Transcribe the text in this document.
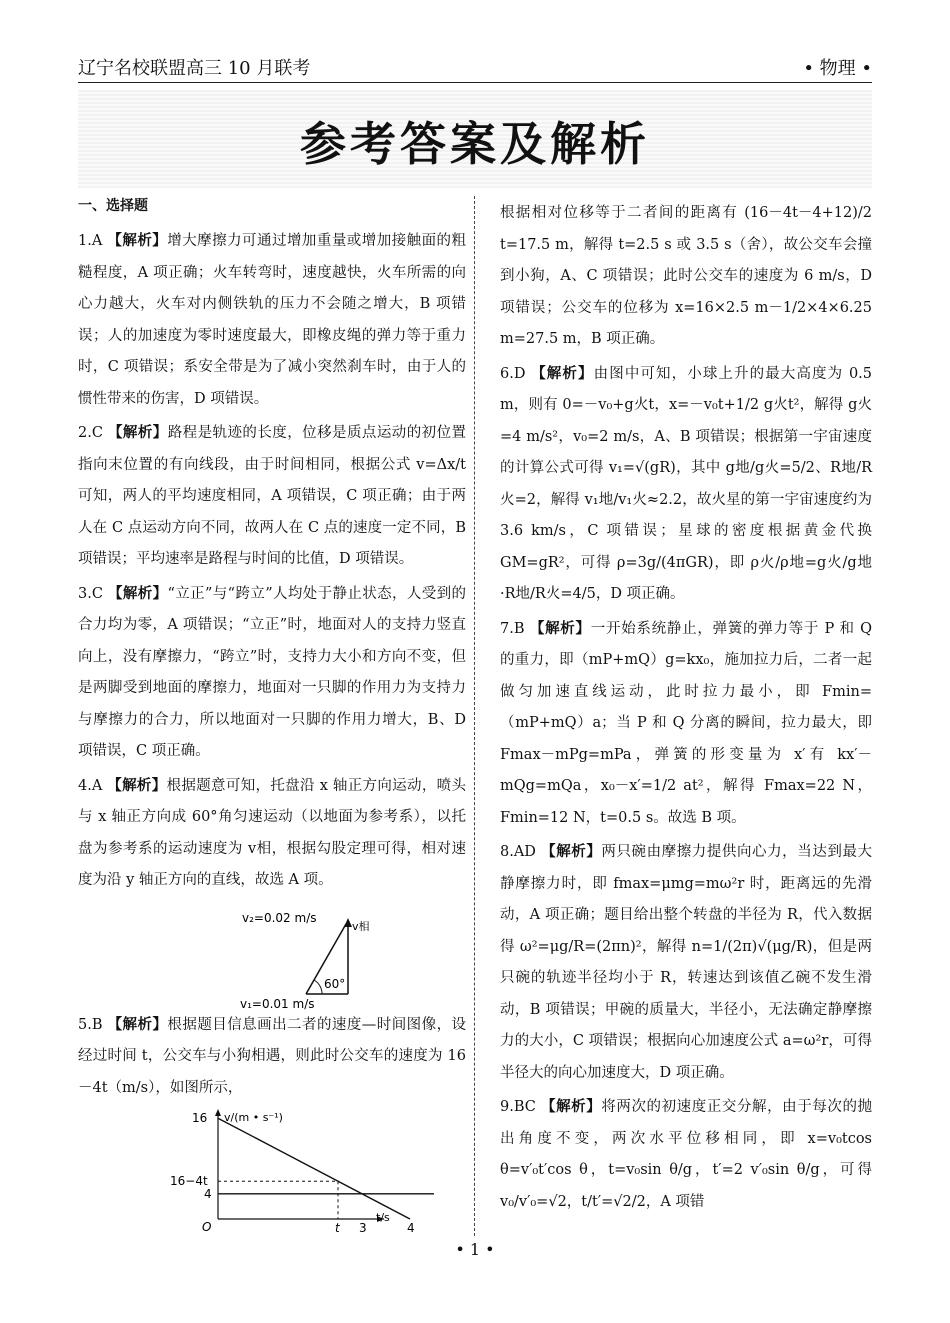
辽宁名校联盟高三 10 月联考	• 物理 •
参考答案及解析
一、选择题
1.A 【解析】增大摩擦力可通过增加重量或增加接触面的粗糙程度，A 项正确；火车转弯时，速度越快，火车所需的向心力越大，火车对内侧铁轨的压力不会随之增大，B 项错误；人的加速度为零时速度最大，即橡皮绳的弹力等于重力时，C 项错误；系安全带是为了减小突然刹车时，由于人的惯性带来的伤害，D 项错误。
2.C 【解析】路程是轨迹的长度，位移是质点运动的初位置指向末位置的有向线段，由于时间相同，根据公式 v=Δx/t 可知，两人的平均速度相同，A 项错误，C 项正确；由于两人在 C 点运动方向不同，故两人在 C 点的速度一定不同，B 项错误；平均速率是路程与时间的比值，D 项错误。
3.C 【解析】“立正”与“跨立”人均处于静止状态，人受到的合力均为零，A 项错误；“立正”时，地面对人的支持力竖直向上，没有摩擦力，“跨立”时，支持力大小和方向不变，但是两脚受到地面的摩擦力，地面对一只脚的作用力为支持力与摩擦力的合力，所以地面对一只脚的作用力增大，B、D 项错误，C 项正确。
4.A 【解析】根据题意可知，托盘沿 x 轴正方向运动，喷头与 x 轴正方向成 60°角匀速运动（以地面为参考系），以托盘为参考系的运动速度为 v相，根据勾股定理可得，相对速度为沿 y 轴正方向的直线，故选 A 项。
v₂=0.02 m/s
v相
60°
v₁=0.01 m/s
5.B 【解析】根据题目信息画出二者的速度—时间图像，设经过时间 t，公交车与小狗相遇，则此时公交车的速度为 16－4t（m/s），如图所示，
16
16−4t
4
t 3	4
v/(m • s⁻¹)
t/s
O
根据相对位移等于二者间的距离有 (16－4t－4+12)/2 t=17.5 m，解得 t=2.5 s 或 3.5 s（舍），故公交车会撞到小狗，A、C 项错误；此时公交车的速度为 6 m/s，D 项错误；公交车的位移为 x=16×2.5 m－1/2×4×6.25 m=27.5 m，B 项正确。
6.D 【解析】由图中可知，小球上升的最大高度为 0.5 m，则有 0=－v₀+g火t，x=－v₀t+1/2 g火t²，解得 g火=4 m/s²，v₀=2 m/s，A、B 项错误；根据第一宇宙速度的计算公式可得 v₁=√(gR)，其中 g地/g火=5/2、R地/R火=2，解得 v₁地/v₁火≈2.2，故火星的第一宇宙速度约为 3.6 km/s，C 项错误；星球的密度根据黄金代换 GM=gR²，可得 ρ=3g/(4πGR)，即 ρ火/ρ地=g火/g地·R地/R火=4/5，D 项正确。
7.B 【解析】一开始系统静止，弹簧的弹力等于 P 和 Q 的重力，即（mP+mQ）g=kx₀，施加拉力后，二者一起做匀加速直线运动，此时拉力最小，即 Fmin=（mP+mQ）a；当 P 和 Q 分离的瞬间，拉力最大，即 Fmax－mPg=mPa，弹簧的形变量为 x′有 kx′－mQg=mQa，x₀－x′=1/2 at²，解得 Fmax=22 N，Fmin=12 N，t=0.5 s。故选 B 项。
8.AD 【解析】两只碗由摩擦力提供向心力，当达到最大静摩擦力时，即 fmax=μmg=mω²r 时，距离远的先滑动，A 项正确；题目给出整个转盘的半径为 R，代入数据得 ω²=μg/R=(2πn)²，解得 n=1/(2π)√(μg/R)，但是两只碗的轨迹半径均小于 R，转速达到该值乙碗不发生滑动，B 项错误；甲碗的质量大，半径小，无法确定静摩擦力的大小，C 项错误；根据向心加速度公式 a=ω²r，可得半径大的向心加速度大，D 项正确。
9.BC 【解析】将两次的初速度正交分解，由于每次的抛出角度不变，两次水平位移相同，即 x=v₀tcos θ=v′₀t′cos θ，t=v₀sin θ/g，t′=2 v′₀sin θ/g，可得 v₀/v′₀=√2，t/t′=√2/2，A 项错
• 1 •
